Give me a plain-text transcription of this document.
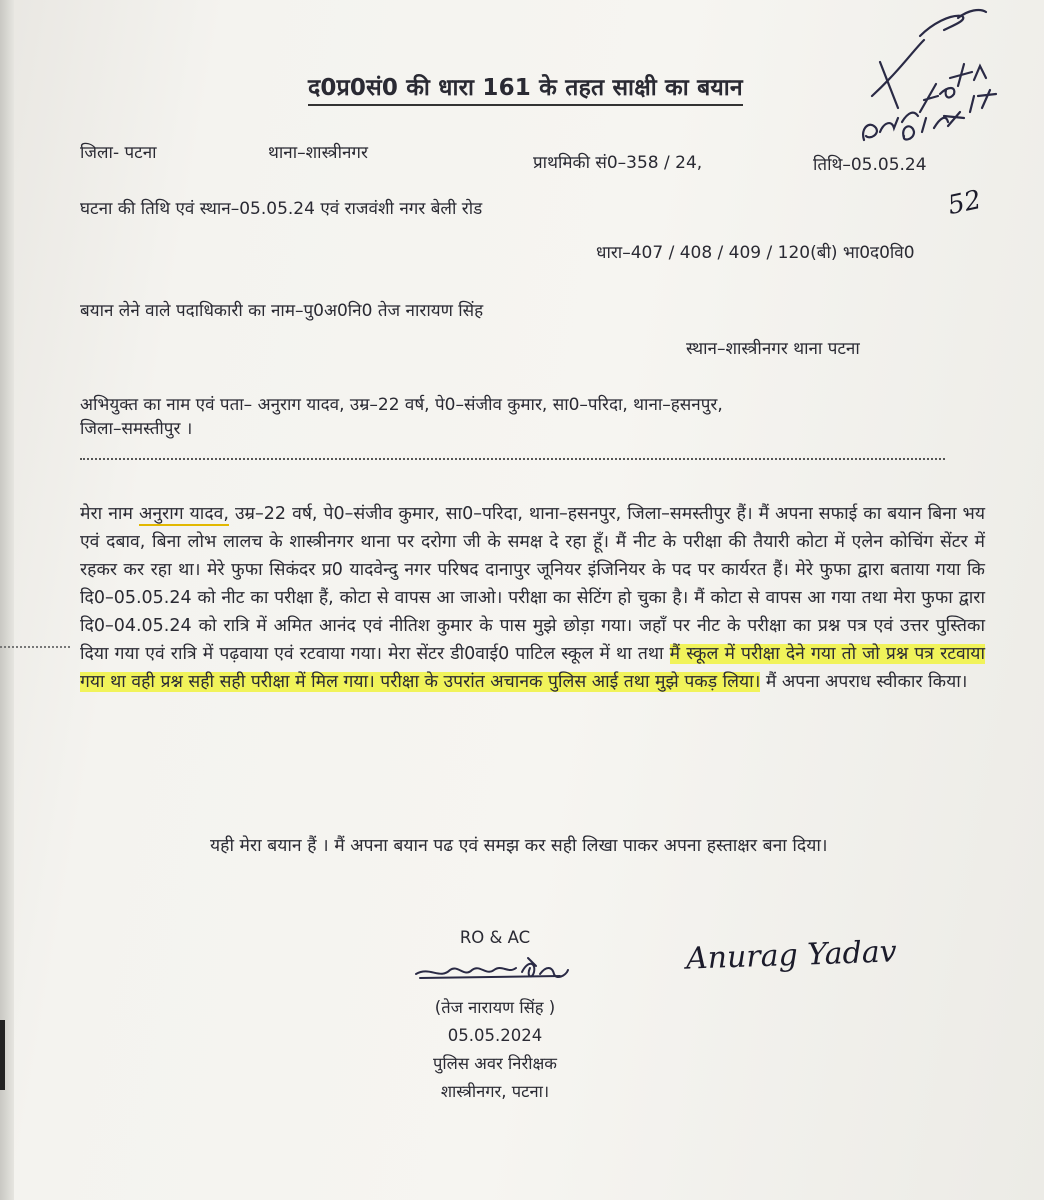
द0प्र0सं0 की धारा 161 के तहत साक्षी का बयान
जिला- पटना	थाना–शास्त्रीनगर	प्राथमिकी सं0–358 / 24,	तिथि–05.05.24
घटना की तिथि एवं स्थान–05.05.24 एवं राजवंशी नगर बेली रोड	52
धारा–407 / 408 / 409 / 120(बी) भा0द0वि0
बयान लेने वाले पदाधिकारी का नाम–पु0अ0नि0 तेज नारायण सिंह
स्थान–शास्त्रीनगर थाना पटना
अभियुक्त का नाम एवं पता– अनुराग यादव, उम्र–22 वर्ष, पे0–संजीव कुमार, सा0–परिदा, थाना–हसनपुर,
जिला–समस्तीपुर ।
मेरा नाम अनुराग यादव, उम्र–22 वर्ष, पे0–संजीव कुमार, सा0–परिदा, थाना–हसनपुर, जिला–समस्तीपुर हैं। मैं अपना सफाई का बयान बिना भय एवं दबाव, बिना लोभ लालच के शास्त्रीनगर थाना पर दरोगा जी के समक्ष दे रहा हूँ। मैं नीट के परीक्षा की तैयारी कोटा में एलेन कोचिंग सेंटर में रहकर कर रहा था। मेरे फुफा सिकंदर प्र0 यादवेन्दु नगर परिषद दानापुर जूनियर इंजिनियर के पद पर कार्यरत हैं। मेरे फुफा द्वारा बताया गया कि दि0–05.05.24 को नीट का परीक्षा हैं, कोटा से वापस आ जाओ। परीक्षा का सेटिंग हो चुका है। मैं कोटा से वापस आ गया तथा मेरा फुफा द्वारा दि0–04.05.24 को रात्रि में अमित आनंद एवं नीतिश कुमार के पास मुझे छोड़ा गया। जहाँ पर नीट के परीक्षा का प्रश्न पत्र एवं उत्तर पुस्तिका दिया गया एवं रात्रि में पढ़वाया एवं रटवाया गया। मेरा सेंटर डी0वाई0 पाटिल स्कूल में था तथा मैं स्कूल में परीक्षा देने गया तो जो प्रश्न पत्र रटवाया गया था वही प्रश्न सही सही परीक्षा में मिल गया। परीक्षा के उपरांत अचानक पुलिस आई तथा मुझे पकड़ लिया। मैं अपना अपराध स्वीकार किया।
यही मेरा बयान हैं । मैं अपना बयान पढ एवं समझ कर सही लिखा पाकर अपना हस्ताक्षर बना दिया।
RO & AC
(तेज नारायण सिंह )
05.05.2024
पुलिस अवर निरीक्षक
शास्त्रीनगर, पटना।
Anurag Yadav
